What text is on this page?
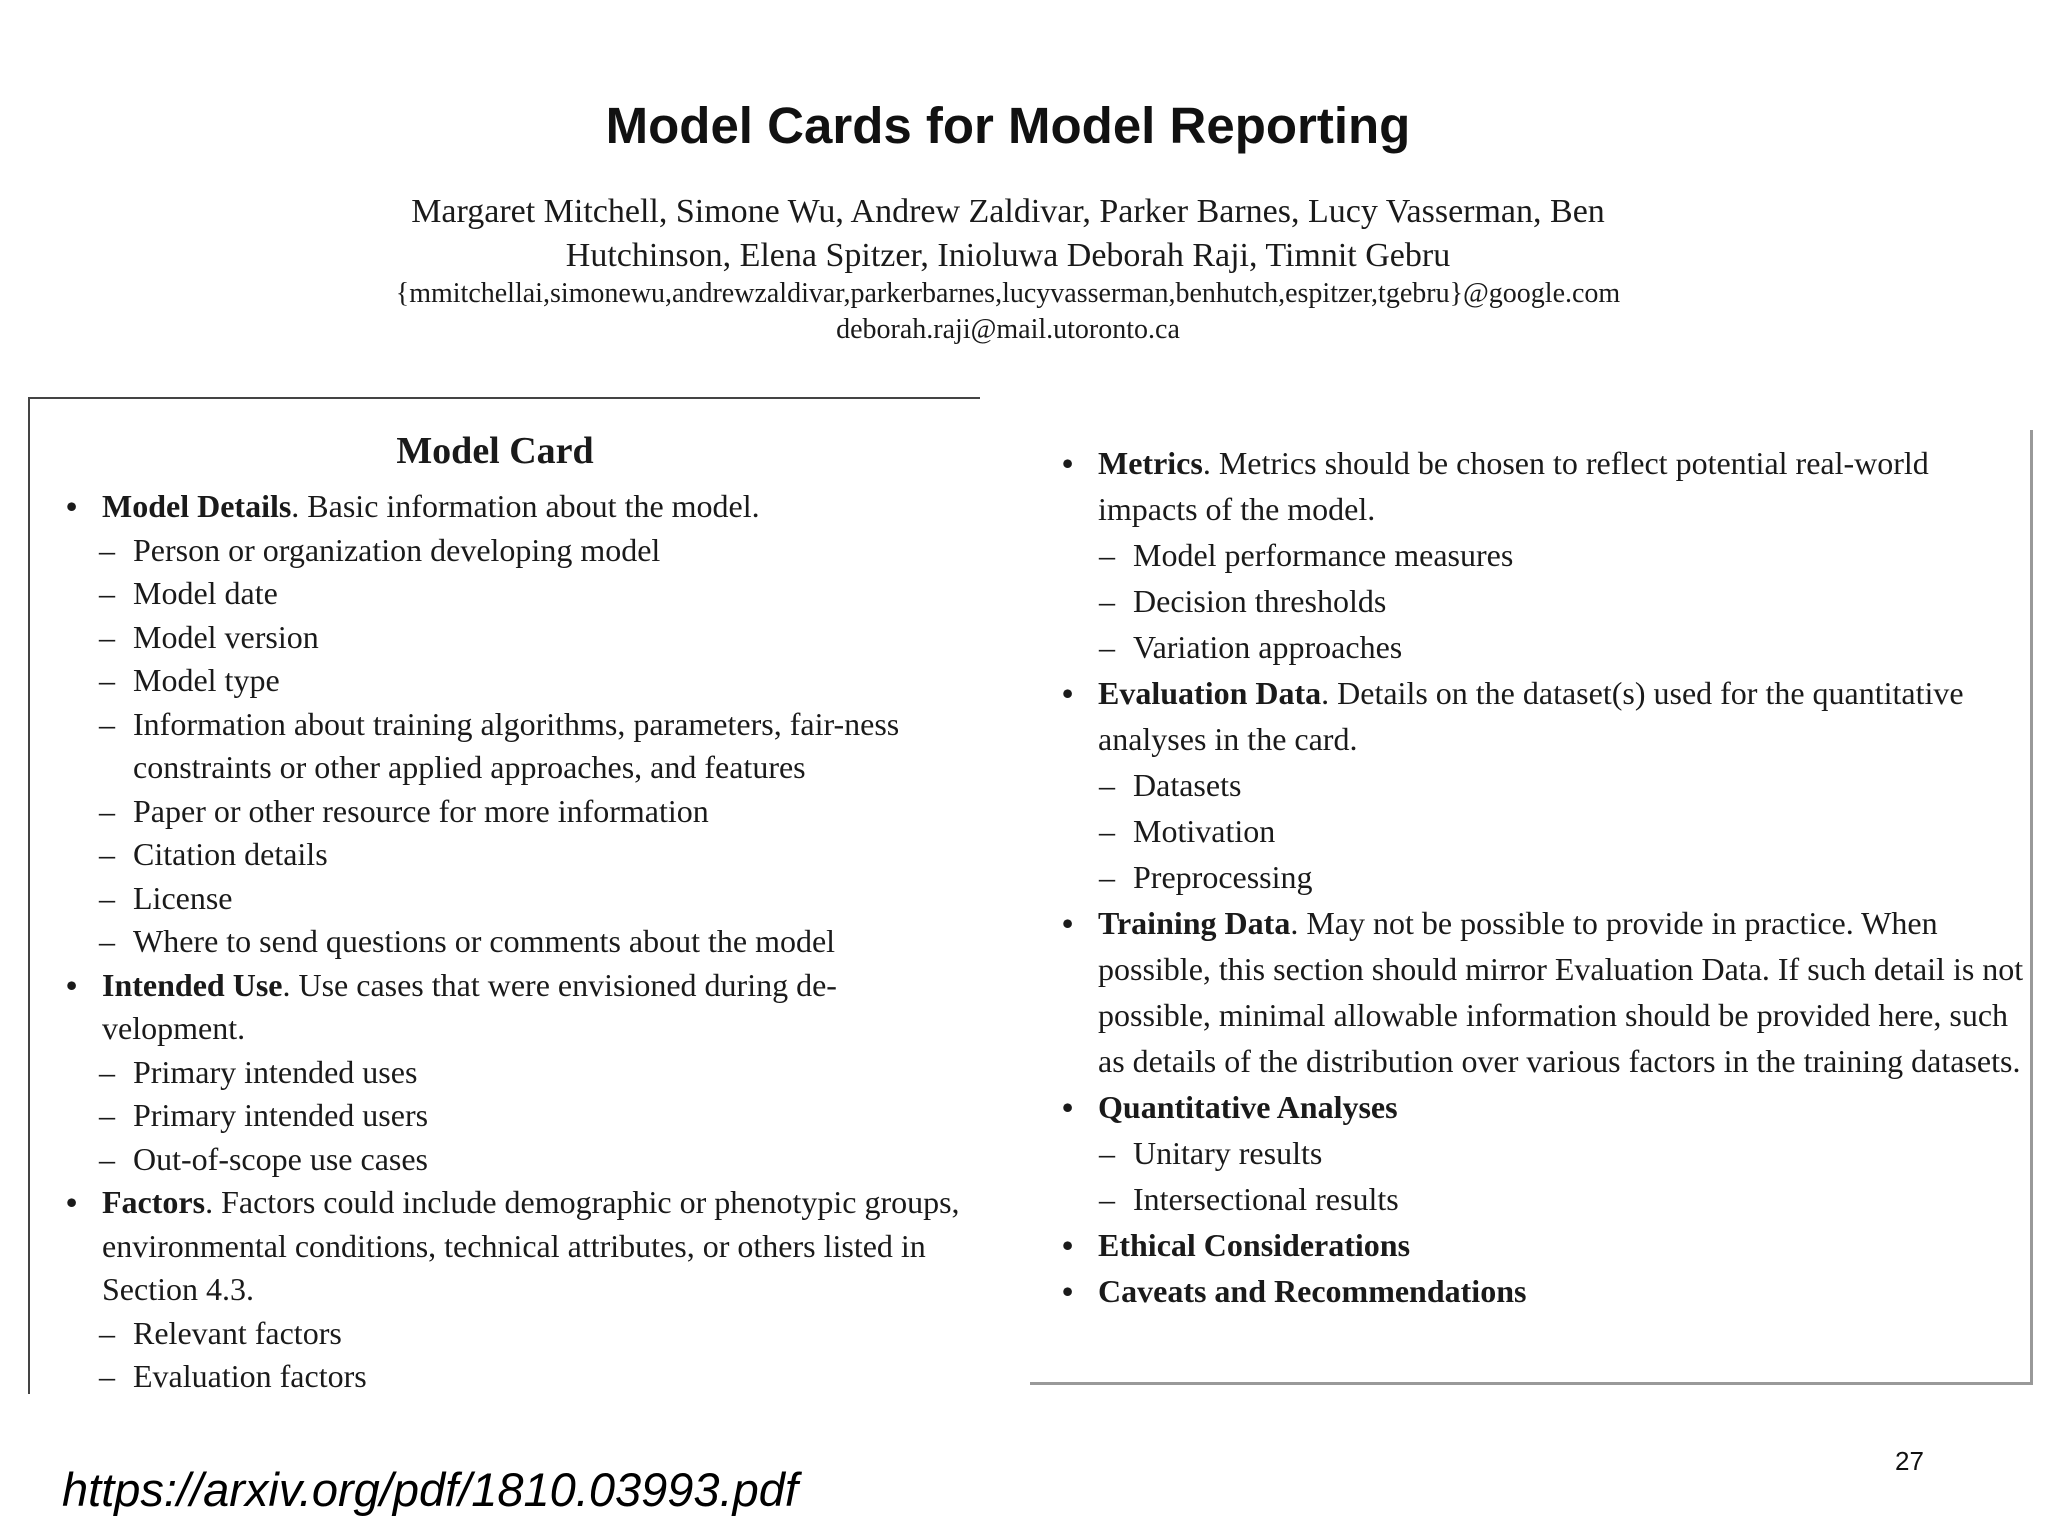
Model Cards for Model Reporting
Margaret Mitchell, Simone Wu, Andrew Zaldivar, Parker Barnes, Lucy Vasserman, Ben
Hutchinson, Elena Spitzer, Inioluwa Deborah Raji, Timnit Gebru
{mmitchellai,simonewu,andrewzaldivar,parkerbarnes,lucyvasserman,benhutch,espitzer,tgebru}@google.com
deborah.raji@mail.utoronto.ca
Model Card
• Model Details. Basic information about the model.
– Person or organization developing model
– Model date
– Model version
– Model type
– Information about training algorithms, parameters, fair-ness constraints or other applied approaches, and features
– Paper or other resource for more information
– Citation details
– License
– Where to send questions or comments about the model
• Intended Use. Use cases that were envisioned during de-velopment.
– Primary intended uses
– Primary intended users
– Out-of-scope use cases
• Factors. Factors could include demographic or phenotypic groups, environmental conditions, technical attributes, or others listed in Section 4.3.
– Relevant factors
– Evaluation factors
• Metrics. Metrics should be chosen to reflect potential real-world impacts of the model.
– Model performance measures
– Decision thresholds
– Variation approaches
• Evaluation Data. Details on the dataset(s) used for the quantitative analyses in the card.
– Datasets
– Motivation
– Preprocessing
• Training Data. May not be possible to provide in practice. When possible, this section should mirror Evaluation Data. If such detail is not possible, minimal allowable information should be provided here, such as details of the distribution over various factors in the training datasets.
• Quantitative Analyses
– Unitary results
– Intersectional results
• Ethical Considerations
• Caveats and Recommendations
https://arxiv.org/pdf/1810.03993.pdf
27
